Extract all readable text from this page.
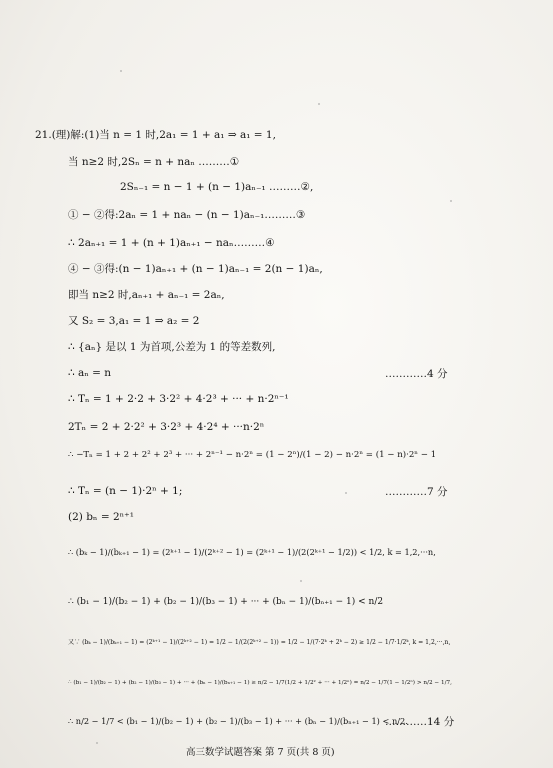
21.(理)解:(1)当 n = 1 时,2a₁ = 1 + a₁ ⇒ a₁ = 1,
当 n≥2 时,2Sₙ = n + naₙ ………①
2Sₙ₋₁ = n − 1 + (n − 1)aₙ₋₁ ………②,
① − ②得:2aₙ = 1 + naₙ − (n − 1)aₙ₋₁………③
∴ 2aₙ₊₁ = 1 + (n + 1)aₙ₊₁ − naₙ………④
④ − ③得:(n − 1)aₙ₊₁ + (n − 1)aₙ₋₁ = 2(n − 1)aₙ,
即当 n≥2 时,aₙ₊₁ + aₙ₋₁ = 2aₙ,
又 S₂ = 3,a₁ = 1 ⇒ a₂ = 2
∴ {aₙ} 是以 1 为首项,公差为 1 的等差数列,
∴ aₙ = n	…………4 分
∴ Tₙ = 1 + 2·2 + 3·2² + 4·2³ + ··· + n·2ⁿ⁻¹
2Tₙ = 2 + 2·2² + 3·2³ + 4·2⁴ + ···n·2ⁿ
∴ −Tₙ = 1 + 2 + 2² + 2³ + ··· + 2ⁿ⁻¹ − n·2ⁿ = (1 − 2ⁿ)/(1 − 2) − n·2ⁿ = (1 − n)·2ⁿ − 1
∴ Tₙ = (n − 1)·2ⁿ + 1;	…………7 分
(2) bₙ = 2ⁿ⁺¹
∴ (bₖ − 1)/(bₖ₊₁ − 1) = (2ᵏ⁺¹ − 1)/(2ᵏ⁺² − 1) = (2ᵏ⁺¹ − 1)/(2(2ᵏ⁺¹ − 1/2)) < 1/2, k = 1,2,···n,
∴ (b₁ − 1)/(b₂ − 1) + (b₂ − 1)/(b₃ − 1) + ··· + (bₙ − 1)/(bₙ₊₁ − 1) < n/2
又∵ (bₖ − 1)/(bₖ₊₁ − 1) = (2ᵏ⁺¹ − 1)/(2ᵏ⁺² − 1) = 1/2 − 1/(2(2ᵏ⁺² − 1)) = 1/2 − 1/(7·2ᵏ + 2ᵏ − 2) ≥ 1/2 − 1/7·1/2ᵏ, k = 1,2,···,n,
∴ (b₁ − 1)/(b₂ − 1) + (b₂ − 1)/(b₃ − 1) + ··· + (bₙ − 1)/(bₙ₊₁ − 1) ≥ n/2 − 1/7(1/2 + 1/2² + ··· + 1/2ⁿ) = n/2 − 1/7(1 − 1/2ⁿ) > n/2 − 1/7,
∴ n/2 − 1/7 < (b₁ − 1)/(b₂ − 1) + (b₂ − 1)/(b₃ − 1) + ··· + (bₙ − 1)/(bₙ₊₁ − 1) < n/2.
…………14 分
高三数学试题答案 第 7 页(共 8 页)
